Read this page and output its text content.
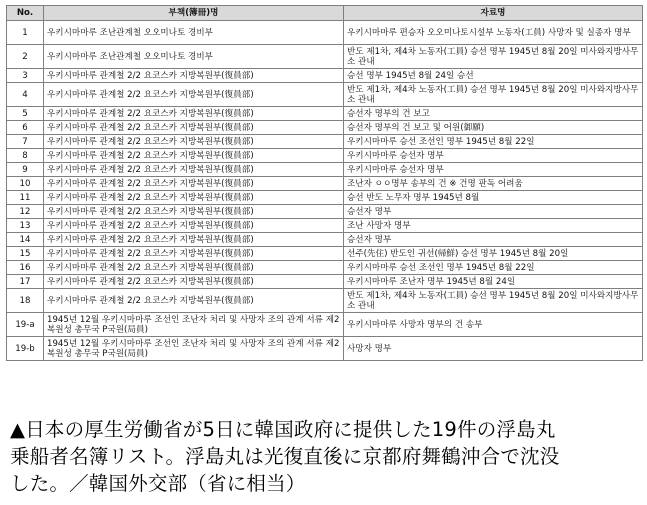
No.	부책(簿冊)명	자료명
1	우키시마마루 조난관계철 오오미나토 경비부	우키시마마루 편승자 오오미나토시설부 노동자(工員) 사망자 및 실종자 명부
2	우키시마마루 조난관계철 오오미나토 경비부	반도 제1차, 제4차 노동자(工員) 승선 명부 1945년 8월 20일 미사와지방사무소 관내
3	우키시마마루 관계철 2/2 요코스카 지방복원부(復員部)	승선 명부 1945년 8월 24일 승선
4	우키시마마루 관계철 2/2 요코스카 지방복원부(復員部)	반도 제1차, 제4차 노동자(工員) 승선 명부 1945년 8월 20일 미사와지방사무소 관내
5	우키시마마루 관계철 2/2 요코스카 지방복원부(復員部)	승선자 명부의 건 보고
6	우키시마마루 관계철 2/2 요코스카 지방복원부(復員部)	승선자 명부의 건 보고 및 어원(御願)
7	우키시마마루 관계철 2/2 요코스카 지방복원부(復員部)	우키시마마루 승선 조선인 명부 1945년 8월 22일
8	우키시마마루 관계철 2/2 요코스카 지방복원부(復員部)	우키시마마루 승선자 명부
9	우키시마마루 관계철 2/2 요코스카 지방복원부(復員部)	우키시마마루 승선자 명부
10	우키시마마루 관계철 2/2 요코스카 지방복원부(復員部)	조난자 ㅇㅇ명부 송부의 건 ※ 건명 판독 어려움
11	우키시마마루 관계철 2/2 요코스카 지방복원부(復員部)	승선 반도 노무자 명부 1945년 8월
12	우키시마마루 관계철 2/2 요코스카 지방복원부(復員部)	승선자 명부
13	우키시마마루 관계철 2/2 요코스카 지방복원부(復員部)	조난 사망자 명부
14	우키시마마루 관계철 2/2 요코스카 지방복원부(復員部)	승선자 명부
15	우키시마마루 관계철 2/2 요코스카 지방복원부(復員部)	선주(先住) 반도인 귀선(帰鮮) 승선 명부 1945년 8월 20일
16	우키시마마루 관계철 2/2 요코스카 지방복원부(復員部)	우키시마마루 승선 조선인 명부 1945년 8월 22일
17	우키시마마루 관계철 2/2 요코스카 지방복원부(復員部)	우키시마마루 조난자 명부 1945년 8월 24일
18	우키시마마루 관계철 2/2 요코스카 지방복원부(復員部)	반도 제1차, 제4차 노동자(工員) 승선 명부 1945년 8월 20일 미사와지방사무소 관내
19-a	1945년 12월 우키시마마루 조선인 조난자 처리 및 사망자 조의 관계 서류 제2복원성 총무국 P국원(局員)	우키시마마루 사망자 명부의 건 송부
19-b	1945년 12월 우키시마마루 조선인 조난자 처리 및 사망자 조의 관계 서류 제2복원성 총무국 P국원(局員)	사망자 명부
▲日本の厚生労働省が5日に韓国政府に提供した19件の浮島丸
乗船者名簿リスト。浮島丸は光復直後に京都府舞鶴沖合で沈没
した。／韓国外交部（省に相当）
